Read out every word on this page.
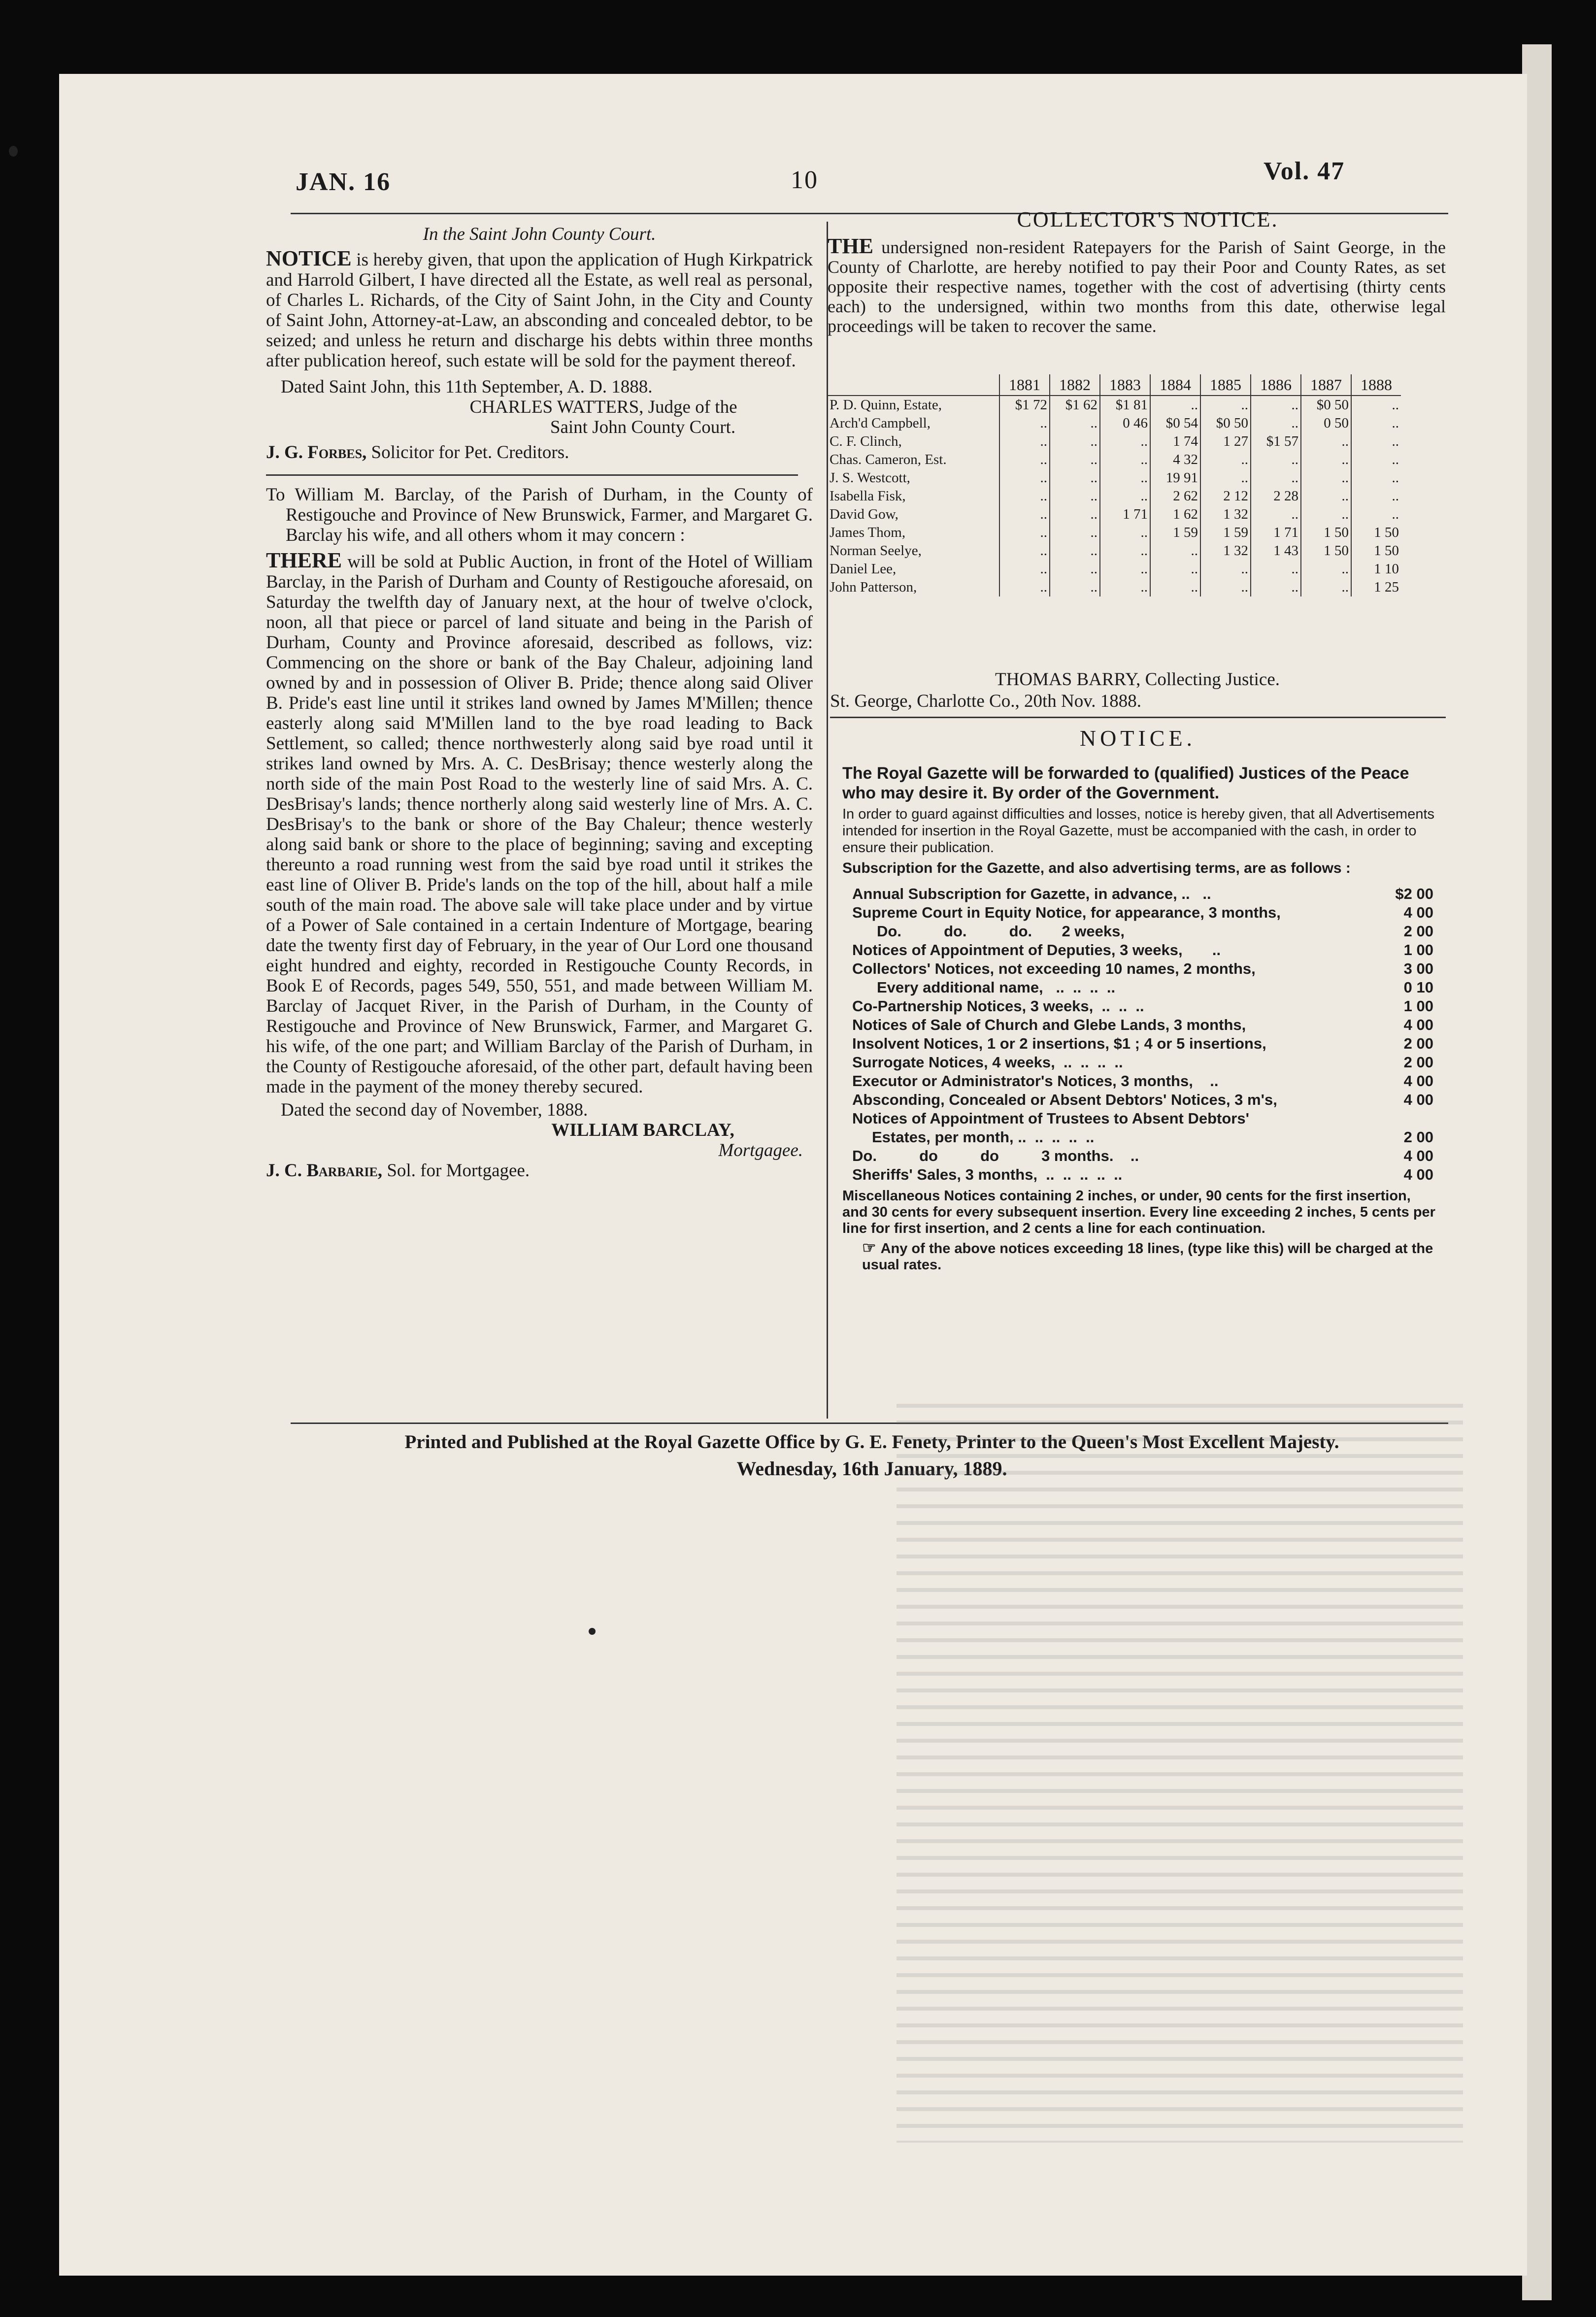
JAN. 16	10	Vol. 47

In the Saint John County Court.

NOTICE is hereby given, that upon the application of Hugh Kirkpatrick and Harrold Gilbert, I have directed all the Estate, as well real as personal, of Charles L. Richards, of the City of Saint John, in the City and County of Saint John, Attorney-at-Law, an absconding and concealed debtor, to be seized; and unless he return and discharge his debts within three months after publication hereof, such estate will be sold for the payment thereof.

Dated Saint John, this 11th September, A. D. 1888.

CHARLES WATTERS, Judge of the

Saint John County Court.

J. G. Forbes, Solicitor for Pet. Creditors.

To William M. Barclay, of the Parish of Durham, in the County of Restigouche and Province of New Brunswick, Farmer, and Margaret G. Barclay his wife, and all others whom it may concern :

THERE will be sold at Public Auction, in front of the Hotel of William Barclay, in the Parish of Durham and County of Restigouche aforesaid, on Saturday the twelfth day of January next, at the hour of twelve o'clock, noon, all that piece or parcel of land situate and being in the Parish of Durham, County and Province aforesaid, described as follows, viz: Commencing on the shore or bank of the Bay Chaleur, adjoining land owned by and in possession of Oliver B. Pride; thence along said Oliver B. Pride's east line until it strikes land owned by James M'Millen; thence easterly along said M'Millen land to the bye road leading to Back Settlement, so called; thence northwesterly along said bye road until it strikes land owned by Mrs. A. C. DesBrisay; thence westerly along the north side of the main Post Road to the westerly line of said Mrs. A. C. DesBrisay's lands; thence northerly along said westerly line of Mrs. A. C. DesBrisay's to the bank or shore of the Bay Chaleur; thence westerly along said bank or shore to the place of beginning; saving and excepting thereunto a road running west from the said bye road until it strikes the east line of Oliver B. Pride's lands on the top of the hill, about half a mile south of the main road. The above sale will take place under and by virtue of a Power of Sale contained in a certain Indenture of Mortgage, bearing date the twenty first day of February, in the year of Our Lord one thousand eight hundred and eighty, recorded in Restigouche County Records, in Book E of Records, pages 549, 550, 551, and made between William M. Barclay of Jacquet River, in the Parish of Durham, in the County of Restigouche and Province of New Brunswick, Farmer, and Margaret G. his wife, of the one part; and William Barclay of the Parish of Durham, in the County of Restigouche aforesaid, of the other part, default having been made in the payment of the money thereby secured.

Dated the second day of November, 1888.

WILLIAM BARCLAY,

Mortgagee.

J. C. Barbarie, Sol. for Mortgagee.

COLLECTOR'S NOTICE.

THE undersigned non-resident Ratepayers for the Parish of Saint George, in the County of Charlotte, are hereby notified to pay their Poor and County Rates, as set opposite their respective names, together with the cost of advertising (thirty cents each) to the undersigned, within two months from this date, otherwise legal proceedings will be taken to recover the same.

	1881	1882	1883	1884	1885	1886	1887	1888
P. D. Quinn, Estate,	$1 72	$1 62	$1 81	..	..	..	$0 50	..
Arch'd Campbell,	..	..	0 46	$0 54	$0 50	..	0 50	..
C. F. Clinch,	..	..	..	1 74	1 27	$1 57	..	..
Chas. Cameron, Est.	..	..	..	4 32	..	..	..	..
J. S. Westcott,	..	..	..	19 91	..	..	..	..
Isabella Fisk,	..	..	..	2 62	2 12	2 28	..	..
David Gow,	..	..	1 71	1 62	1 32	..	..	..
James Thom,	..	..	..	1 59	1 59	1 71	1 50	1 50
Norman Seelye,	..	..	..	..	1 32	1 43	1 50	1 50
Daniel Lee,	..	..	..	..	..	..	..	1 10
John Patterson,	..	..	..	..	..	..	..	1 25
THOMAS BARRY, Collecting Justice.
St. George, Charlotte Co., 20th Nov. 1888.
NOTICE.

The Royal Gazette will be forwarded to (qualified) Justices of the Peace who may desire it. By order of the Government.

In order to guard against difficulties and losses, notice is hereby given, that all Advertisements intended for insertion in the Royal Gazette, must be accompanied with the cash, in order to ensure their publication.

Subscription for the Gazette, and also advertising terms, are as follows :

Annual Subscription for Gazette, in advance, ..   ..	$2 00
Supreme Court in Equity Notice, for appearance, 3 months,	4 00
Do.          do.          do.       2 weeks,	2 00
Notices of Appointment of Deputies, 3 weeks,       ..	1 00
Collectors' Notices, not exceeding 10 names, 2 months,	3 00
Every additional name,   ..  ..  ..  ..	0 10
Co-Partnership Notices, 3 weeks,  ..  ..  ..	1 00
Notices of Sale of Church and Glebe Lands, 3 months,	4 00
Insolvent Notices, 1 or 2 insertions, $1 ; 4 or 5 insertions,	2 00
Surrogate Notices, 4 weeks,  ..  ..  ..  ..	2 00
Executor or Administrator's Notices, 3 months,    ..	4 00
Absconding, Concealed or Absent Debtors' Notices, 3 m's,	4 00
Notices of Appointment of Trustees to Absent Debtors'
Estates, per month, ..  ..  ..  ..  ..	2 00
Do.          do          do          3 months.    ..	4 00
Sheriffs' Sales, 3 months,  ..  ..  ..  ..  ..	4 00

Miscellaneous Notices containing 2 inches, or under, 90 cents for the first insertion, and 30 cents for every subsequent insertion. Every line exceeding 2 inches, 5 cents per line for first insertion, and 2 cents a line for each continuation.

☞ Any of the above notices exceeding 18 lines, (type like this) will be charged at the usual rates.

Printed and Published at the Royal Gazette Office by G. E. Fenety, Printer to the Queen's Most Excellent Majesty.
Wednesday, 16th January, 1889.
